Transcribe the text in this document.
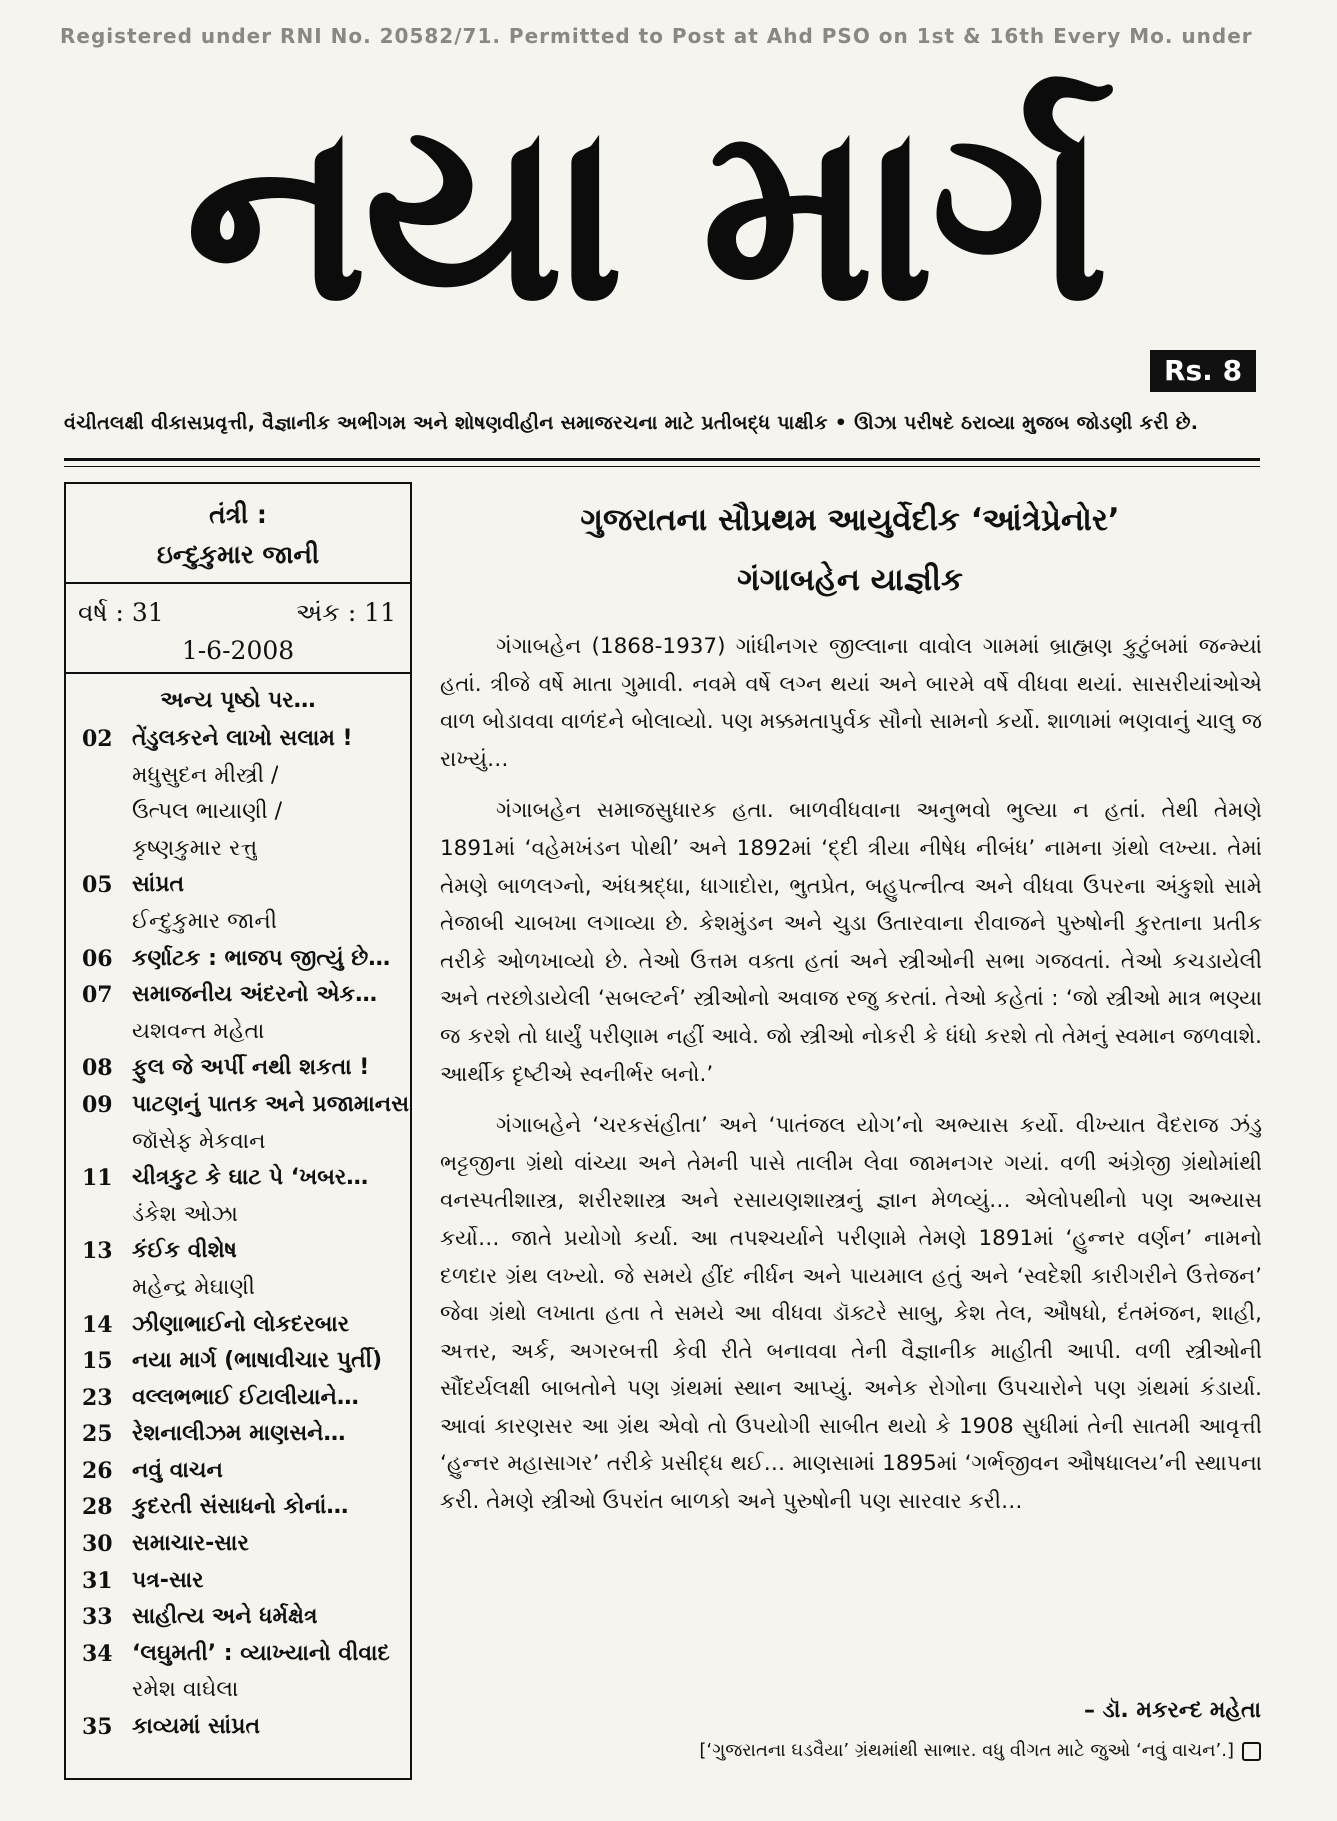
Registered under RNI No. 20582/71. Permitted to Post at Ahd PSO on 1st & 16th Every Mo. under
નયા માર્ગ
Rs. 8
વંચીતલક્ષી વીકાસપ્રવૃત્તી, વૈજ્ઞાનીક અભીગમ અને શોષણવીહીન સમાજરચના માટે પ્રતીબદ્ધ પાક્ષીક • ઊંઝા પરીષદે ઠરાવ્યા મુજબ જોડણી કરી છે.
તંત્રી :
ઇન્દુકુમાર જાની
વર્ષ : 31	અંક : 11
1-6-2008
અન્ય પૃષ્ઠો પર…
02 તેંડુલકરને લાખો સલામ !
મધુસુદન મીસ્ત્રી /
ઉત્પલ ભાયાણી /
કૃષ્ણકુમાર રત્તુ
05 સાંપ્રત
ઈન્દુકુમાર જાની
06 કર્ણાટક : ભાજપ જીત્યું છે…
07 સમાજનીય અંદરનો એક…
યશવન્ત મહેતા
08 ફુલ જે અર્પી નથી શકતા !
09 પાટણનું પાતક અને પ્રજામાનસ
જૉસેફ મેકવાન
11 ચીત્રકુટ કે ઘાટ પે ‘ખબર…
ડંકેશ ઓઝા
13 કંઈક વીશેષ
મહેન્દ્ર મેઘાણી
14 ઝીણાભાઈનો લોકદરબાર
15 નયા માર્ગ (ભાષાવીચાર પુર્તી)
23 વલ્લભભાઈ ઈટાલીયાને…
25 રેશનાલીઝમ માણસને…
26 નવું વાચન
28 કુદરતી સંસાધનો કોનાં…
30 સમાચાર-સાર
31 પત્ર-સાર
33 સાહીત્ય અને ધર્મક્ષેત્ર
34 ‘લઘુમતી’ : વ્યાખ્યાનો વીવાદ
રમેશ વાઘેલા
35 કાવ્યમાં સાંપ્રત
ગુજરાતના સૌપ્રથમ આયુર્વેદીક ‘આંત્રેપ્રેનોર’
ગંગાબહેન યાજ્ઞીક

ગંગાબહેન (1868-1937) ગાંધીનગર જીલ્લાના વાવોલ ગામમાં બ્રાહ્મણ કુટુંબમાં જન્મ્યાં હતાં. ત્રીજે વર્ષે માતા ગુમાવી. નવમે વર્ષે લગ્ન થયાં અને બારમે વર્ષે વીધવા થયાં. સાસરીયાંઓએ વાળ બોડાવવા વાળંદને બોલાવ્યો. પણ મક્કમતાપુર્વક સૌનો સામનો કર્યો. શાળામાં ભણવાનું ચાલુ જ રાખ્યું…

ગંગાબહેન સમાજસુધારક હતા. બાળવીધવાના અનુભવો ભુલ્યા ન હતાં. તેથી તેમણે 1891માં ‘વહેમખંડન પોથી’ અને 1892માં ‘દ્દી ત્રીયા નીષેધ નીબંધ’ નામના ગ્રંથો લખ્યા. તેમાં તેમણે બાળલગ્નો, અંધશ્રદ્ધા, ધાગાદોરા, ભુતપ્રેત, બહુપત્નીત્વ અને વીધવા ઉપરના અંકુશો સામે તેજાબી ચાબખા લગાવ્યા છે. કેશમુંડન અને ચુડા ઉતારવાના રીવાજને પુરુષોની કુરતાના પ્રતીક તરીકે ઓળખાવ્યો છે. તેઓ ઉત્તમ વક્તા હતાં અને સ્ત્રીઓની સભા ગજવતાં. તેઓ કચડાયેલી અને તરછોડાયેલી ‘સબલ્ટર્ન’ સ્ત્રીઓનો અવાજ રજુ કરતાં. તેઓ કહેતાં : ‘જો સ્ત્રીઓ માત્ર ભણ્યા જ કરશે તો ધાર્યું પરીણામ નહીં આવે. જો સ્ત્રીઓ નોકરી કે ધંધો કરશે તો તેમનું સ્વમાન જળવાશે. આર્થીક દૃષ્ટીએ સ્વનીર્ભર બનો.’

ગંગાબહેને ‘ચરકસંહીતા’ અને ‘પાતંજલ યોગ’નો અભ્યાસ કર્યો. વીખ્યાત વૈદરાજ ઝંડુ ભટ્ટજીના ગ્રંથો વાંચ્યા અને તેમની પાસે તાલીમ લેવા જામનગર ગયાં. વળી અંગ્રેજી ગ્રંથોમાંથી વનસ્પતીશાસ્ત્ર, શરીરશાસ્ત્ર અને રસાયણશાસ્ત્રનું જ્ઞાન મેળવ્યું… એલોપથીનો પણ અભ્યાસ કર્યો… જાતે પ્રયોગો કર્યા. આ તપશ્ચર્યાને પરીણામે તેમણે 1891માં ‘હુન્નર વર્ણન’ નામનો દળદાર ગ્રંથ લખ્યો. જે સમયે હીંદ નીર્ધન અને પાયમાલ હતું અને ‘સ્વદેશી કારીગરીને ઉત્તેજન’ જેવા ગ્રંથો લખાતા હતા તે સમયે આ વીધવા ડૉક્ટરે સાબુ, કેશ તેલ, ઔષધો, દંતમંજન, શાહી, અત્તર, અર્ક, અગરબત્તી કેવી રીતે બનાવવા તેની વૈજ્ઞાનીક માહીતી આપી. વળી સ્ત્રીઓની સૌંદર્યલક્ષી બાબતોને પણ ગ્રંથમાં સ્થાન આપ્યું. અનેક રોગોના ઉપચારોને પણ ગ્રંથમાં કંડાર્યા. આવાં કારણસર આ ગ્રંથ એવો તો ઉપયોગી સાબીત થયો કે 1908 સુધીમાં તેની સાતમી આવૃત્તી ‘હુન્નર મહાસાગર’ તરીકે પ્રસીદ્ધ થઈ… માણસામાં 1895માં ‘ગર્ભજીવન ઔષધાલય’ની સ્થાપના કરી. તેમણે સ્ત્રીઓ ઉપરાંત બાળકો અને પુરુષોની પણ સારવાર કરી…

– ડૉ. મકરન્દ મહેતા
[‘ગુજરાતના ઘડવૈયા’ ગ્રંથમાંથી સાભાર. વધુ વીગત માટે જુઓ ‘નવું વાચન’.]
